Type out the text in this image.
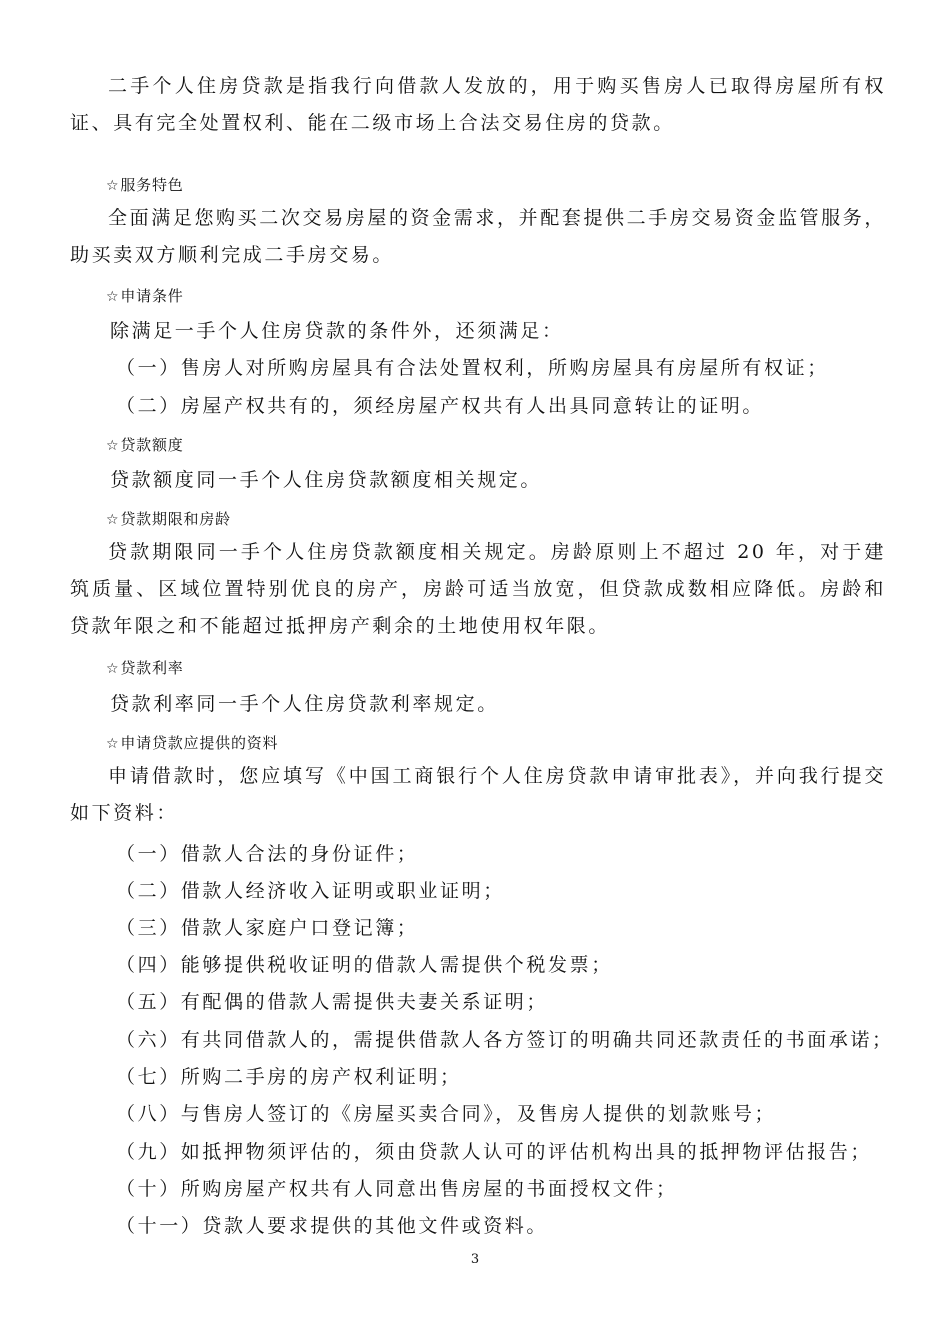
二手个人住房贷款是指我行向借款人发放的，用于购买售房人已取得房屋所有权证、具有完全处置权利、能在二级市场上合法交易住房的贷款。
☆服务特色
全面满足您购买二次交易房屋的资金需求，并配套提供二手房交易资金监管服务，助买卖双方顺利完成二手房交易。
☆申请条件
除满足一手个人住房贷款的条件外，还须满足：
（一）售房人对所购房屋具有合法处置权利，所购房屋具有房屋所有权证；
（二）房屋产权共有的，须经房屋产权共有人出具同意转让的证明。
☆贷款额度
贷款额度同一手个人住房贷款额度相关规定。
☆贷款期限和房龄
贷款期限同一手个人住房贷款额度相关规定。房龄原则上不超过 20 年，对于建筑质量、区域位置特别优良的房产，房龄可适当放宽，但贷款成数相应降低。房龄和贷款年限之和不能超过抵押房产剩余的土地使用权年限。
☆贷款利率
贷款利率同一手个人住房贷款利率规定。
☆申请贷款应提供的资料
申请借款时，您应填写《中国工商银行个人住房贷款申请审批表》，并向我行提交如下资料：
（一）借款人合法的身份证件；
（二）借款人经济收入证明或职业证明；
（三）借款人家庭户口登记簿；
（四）能够提供税收证明的借款人需提供个税发票；
（五）有配偶的借款人需提供夫妻关系证明；
（六）有共同借款人的，需提供借款人各方签订的明确共同还款责任的书面承诺；
（七）所购二手房的房产权利证明；
（八）与售房人签订的《房屋买卖合同》，及售房人提供的划款账号；
（九）如抵押物须评估的，须由贷款人认可的评估机构出具的抵押物评估报告；
（十）所购房屋产权共有人同意出售房屋的书面授权文件；
（十一）贷款人要求提供的其他文件或资料。
3
